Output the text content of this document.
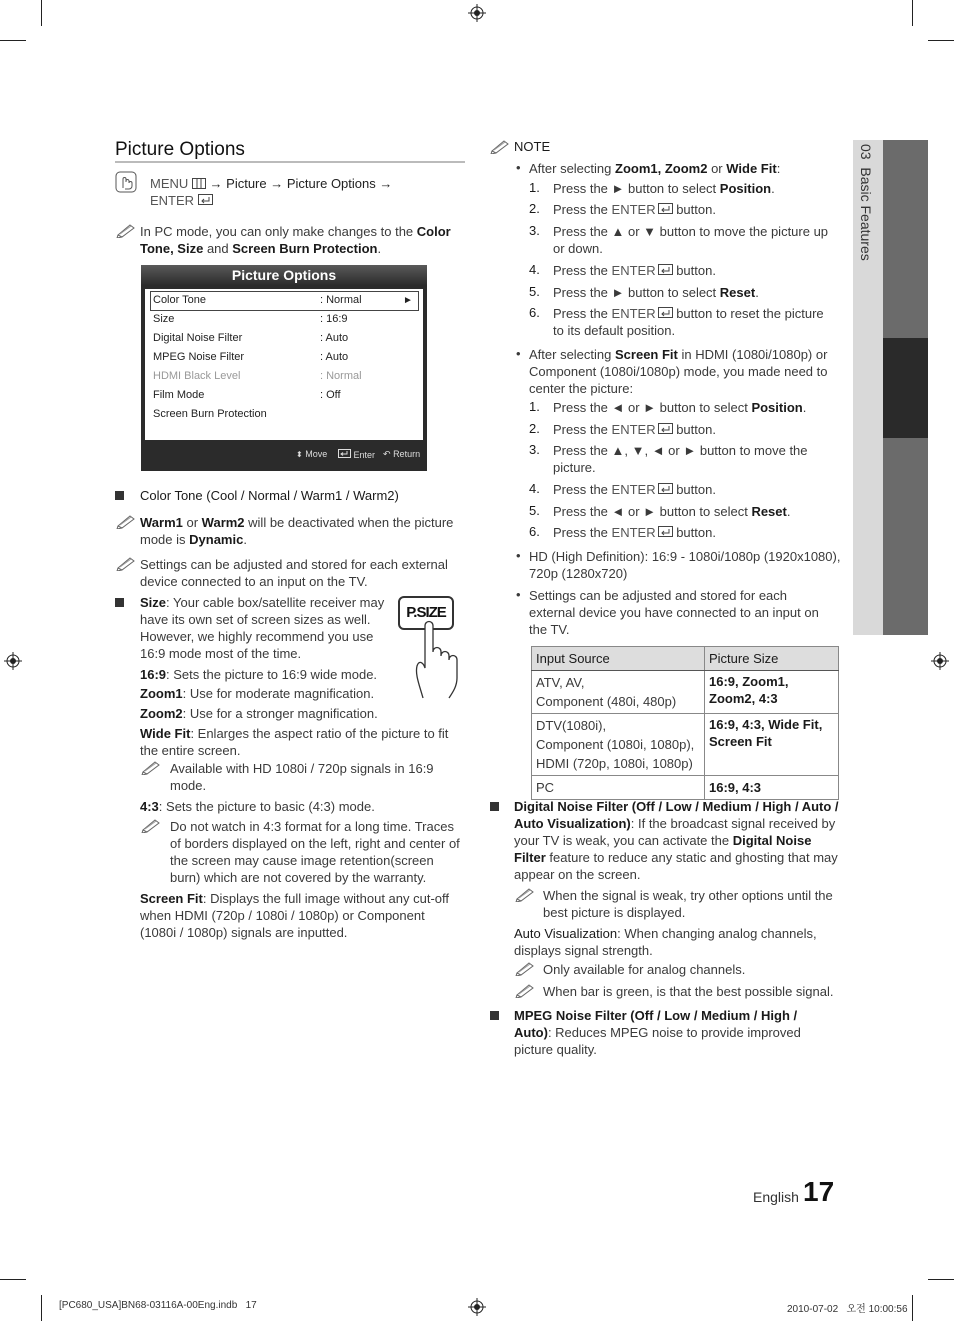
03  Basic Features
Picture Options
MENU → Picture → Picture Options →
ENTER

In PC mode, you can only make changes to the Color Tone, Size and Screen Burn Protection.

Picture Options
Color Tone	: Normal	►
Size	: 16:9
Digital Noise Filter	: Auto
MPEG Noise Filter	: Auto
HDMI Black Level	: Normal
Film Mode	: Off
Screen Burn Protection
⬍ Move	Enter ↶ Return
Color Tone (Cool / Normal / Warm1 / Warm2)

Warm1 or Warm2 will be deactivated when the picture mode is Dynamic.

Settings can be adjusted and stored for each external device connected to an input on the TV.

Size: Your cable box/satellite receiver may have its own set of screen sizes as well. However, we highly recommend you use 16:9 mode most of the time.

P.SIZE

16:9: Sets the picture to 16:9 wide mode.

Zoom1: Use for moderate magnification.

Zoom2: Use for a stronger magnification.

Wide Fit: Enlarges the aspect ratio of the picture to fit the entire screen.

Available with HD 1080i / 720p signals in 16:9 mode.

4:3: Sets the picture to basic (4:3) mode.

Do not watch in 4:3 format for a long time. Traces of borders displayed on the left, right and center of the screen may cause image retention(screen burn) which are not covered by the warranty.

Screen Fit: Displays the full image without any cut-off when HDMI (720p / 1080i / 1080p) or Component (1080i / 1080p) signals are inputted.

NOTE
• After selecting Zoom1, Zoom2 or Wide Fit:

1. Press the ► button to select Position.

2. Press the ENTER button.

3. Press the ▲ or ▼ button to move the picture up or down.

4. Press the ENTER button.

5. Press the ► button to select Reset.

6. Press the ENTER button to reset the picture to its default position.

• After selecting Screen Fit in HDMI (1080i/1080p) or Component (1080i/1080p) mode, you made need to center the picture:

1. Press the ◄ or ► button to select Position.

2. Press the ENTER button.

3. Press the ▲, ▼, ◄ or ► button to move the picture.

4. Press the ENTER button.

5. Press the ◄ or ► button to select Reset.

6. Press the ENTER button.

• HD (High Definition): 16:9 - 1080i/1080p (1920x1080), 720p (1280x720)

• Settings can be adjusted and stored for each external device you have connected to an input on the TV.

Input Source	Picture Size
ATV, AV,
Component (480i, 480p)	16:9, Zoom1,
Zoom2, 4:3
DTV(1080i),
Component (1080i, 1080p),
HDMI (720p, 1080i, 1080p)	16:9, 4:3, Wide Fit,
Screen Fit
PC	16:9, 4:3

Digital Noise Filter (Off / Low / Medium / High / Auto / Auto Visualization): If the broadcast signal received by your TV is weak, you can activate the Digital Noise Filter feature to reduce any static and ghosting that may appear on the screen.

When the signal is weak, try other options until the best picture is displayed.

Auto Visualization: When changing analog channels, displays signal strength.

Only available for analog channels.

When bar is green, is that the best possible signal.

MPEG Noise Filter (Off / Low / Medium / High / Auto): Reduces MPEG noise to provide improved picture quality.

English 17
[PC680_USA]BN68-03116A-00Eng.indb   17	2010-07-02   오전 10:00:56
